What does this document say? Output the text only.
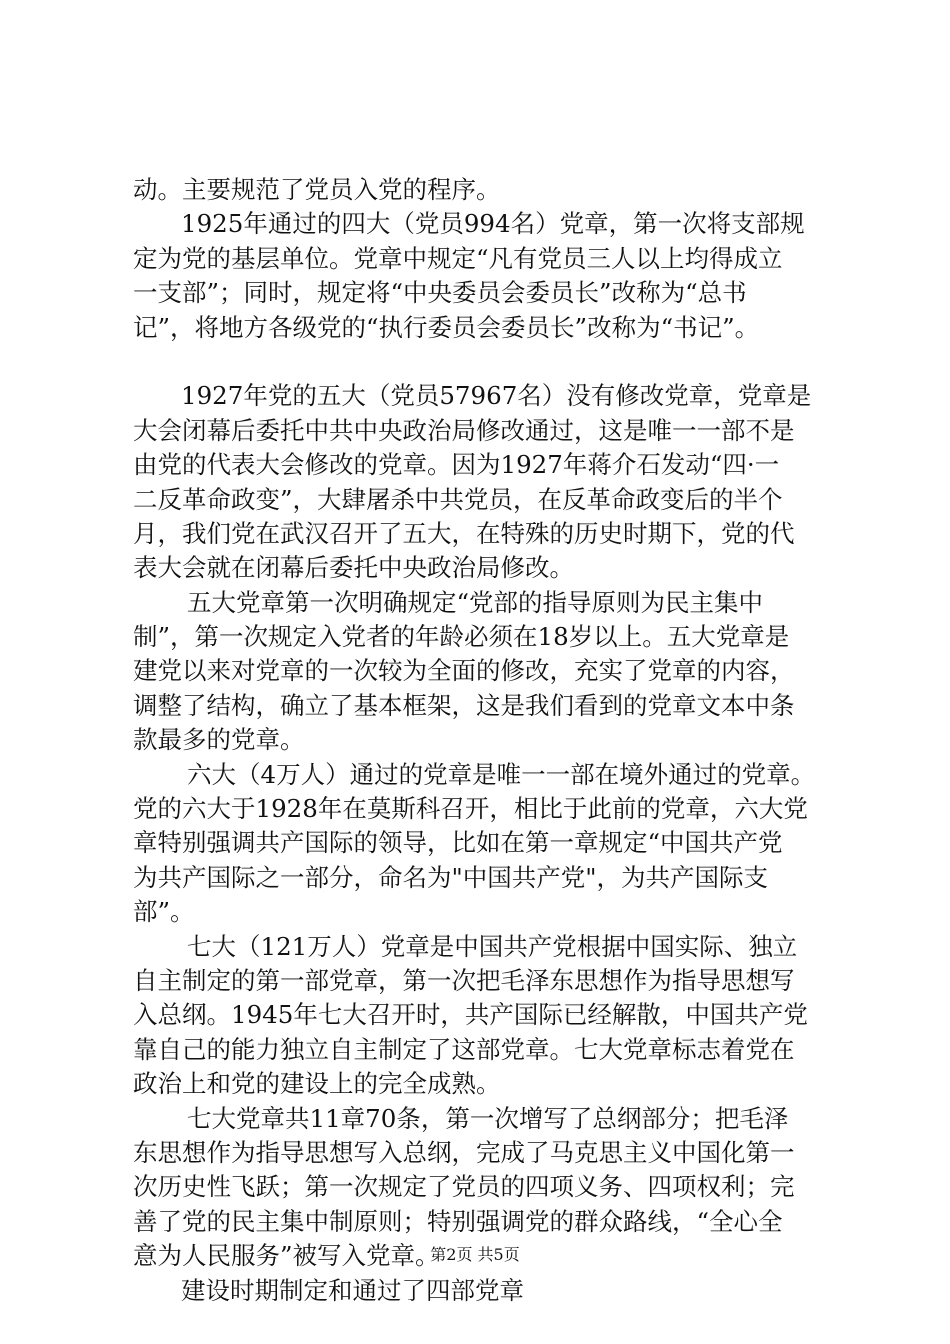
动。主要规范了党员入党的程序。
1925年通过的四大（党员994名）党章，第一次将支部规
定为党的基层单位。党章中规定“凡有党员三人以上均得成立
一支部”；同时，规定将“中央委员会委员长”改称为“总书
记”，将地方各级党的“执行委员会委员长”改称为“书记”。
1927年党的五大（党员57967名）没有修改党章，党章是
大会闭幕后委托中共中央政治局修改通过，这是唯一一部不是
由党的代表大会修改的党章。因为1927年蒋介石发动“四·一
二反革命政变”，大肆屠杀中共党员，在反革命政变后的半个
月，我们党在武汉召开了五大，在特殊的历史时期下，党的代
表大会就在闭幕后委托中央政治局修改。
五大党章第一次明确规定“党部的指导原则为民主集中
制”，第一次规定入党者的年龄必须在18岁以上。五大党章是
建党以来对党章的一次较为全面的修改，充实了党章的内容，
调整了结构，确立了基本框架，这是我们看到的党章文本中条
款最多的党章。
六大（4万人）通过的党章是唯一一部在境外通过的党章。
党的六大于1928年在莫斯科召开，相比于此前的党章，六大党
章特别强调共产国际的领导，比如在第一章规定“中国共产党
为共产国际之一部分，命名为"中国共产党"，为共产国际支
部”。
七大（121万人）党章是中国共产党根据中国实际、独立
自主制定的第一部党章，第一次把毛泽东思想作为指导思想写
入总纲。1945年七大召开时，共产国际已经解散，中国共产党
靠自己的能力独立自主制定了这部党章。七大党章标志着党在
政治上和党的建设上的完全成熟。
七大党章共11章70条，第一次增写了总纲部分；把毛泽
东思想作为指导思想写入总纲，完成了马克思主义中国化第一
次历史性飞跃；第一次规定了党员的四项义务、四项权利；完
善了党的民主集中制原则；特别强调党的群众路线，“全心全
意为人民服务”被写入党章。
建设时期制定和通过了四部党章
第2页 共5页
